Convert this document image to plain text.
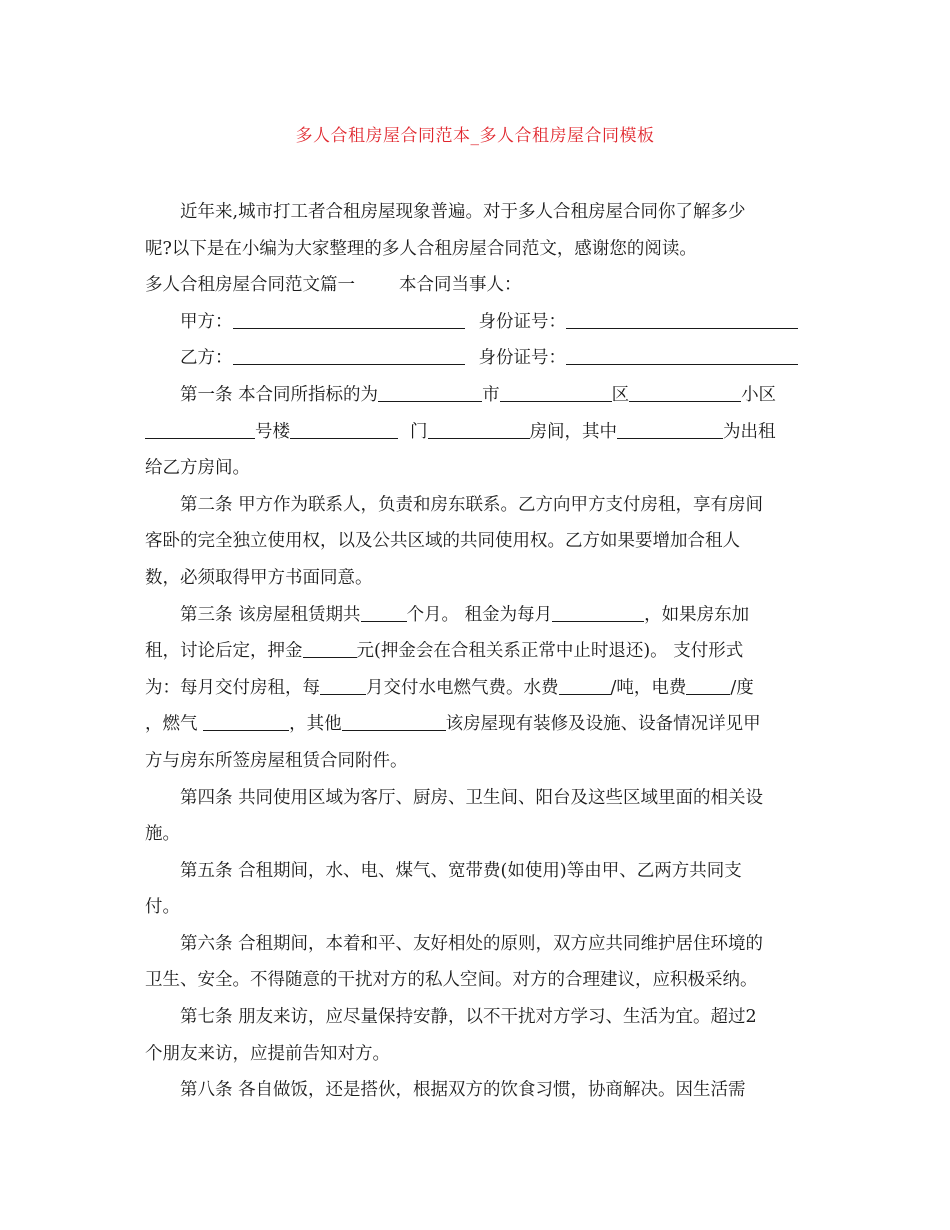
多人合租房屋合同范本_多人合租房屋合同模板

近年来,城市打工者合租房屋现象普遍。对于多人合租房屋合同你了解多少

呢?以下是在小编为大家整理的多人合租房屋合同范文，感谢您的阅读。

多人合租房屋合同范文篇一	本合同当事人：

甲方：	身份证号：

乙方：	身份证号：

第一条 本合同所指标的为	市	区	小区

号楼	门	房间，其中	为出租

给乙方房间。

第二条 甲方作为联系人，负责和房东联系。乙方向甲方支付房租，享有房间

客卧的完全独立使用权，以及公共区域的共同使用权。乙方如果要增加合租人

数，必须取得甲方书面同意。

第三条 该房屋租赁期共	个月。 租金为每月	，如果房东加

租，讨论后定，押金	元(押金会在合租关系正常中止时退还)。 支付形式

为：每月交付房租，每	月交付水电燃气费。水费	/吨，电费	/度

，燃气	，其他	该房屋现有装修及设施、设备情况详见甲

方与房东所签房屋租赁合同附件。

第四条 共同使用区域为客厅、厨房、卫生间、阳台及这些区域里面的相关设

施。

第五条 合租期间，水、电、煤气、宽带费(如使用)等由甲、乙两方共同支

付。

第六条 合租期间，本着和平、友好相处的原则，双方应共同维护居住环境的

卫生、安全。不得随意的干扰对方的私人空间。对方的合理建议，应积极采纳。

第七条 朋友来访，应尽量保持安静，以不干扰对方学习、生活为宜。超过2

个朋友来访，应提前告知对方。

第八条 各自做饭，还是搭伙，根据双方的饮食习惯，协商解决。因生活需
